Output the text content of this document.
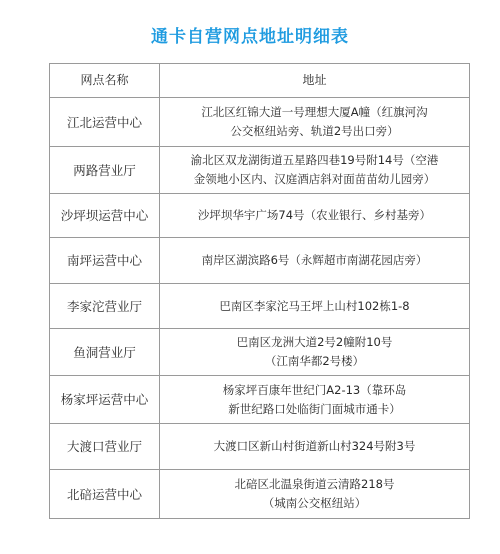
通卡自营网点地址明细表
网点名称	地址
江北运营中心	江北区红锦大道一号理想大厦A幢（红旗河沟
公交枢纽站旁、轨道2号出口旁）

两路营业厅	渝北区双龙湖街道五星路四巷19号附14号（空港
金领地小区内、汉庭酒店斜对面苗苗幼儿园旁）

沙坪坝运营中心	沙坪坝华宇广场74号（农业银行、乡村基旁）

南坪运营中心	南岸区湖滨路6号（永辉超市南湖花园店旁）

李家沱营业厅	巴南区李家沱马王坪上山村102栋1-8

鱼洞营业厅	巴南区龙洲大道2号2幢附10号
（江南华都2号楼）

杨家坪运营中心	杨家坪百康年世纪门A2-13（靠环岛
新世纪路口处临街门面城市通卡）

大渡口营业厅	大渡口区新山村街道新山村324号附3号

北碚运营中心	北碚区北温泉街道云清路218号
（城南公交枢纽站）
